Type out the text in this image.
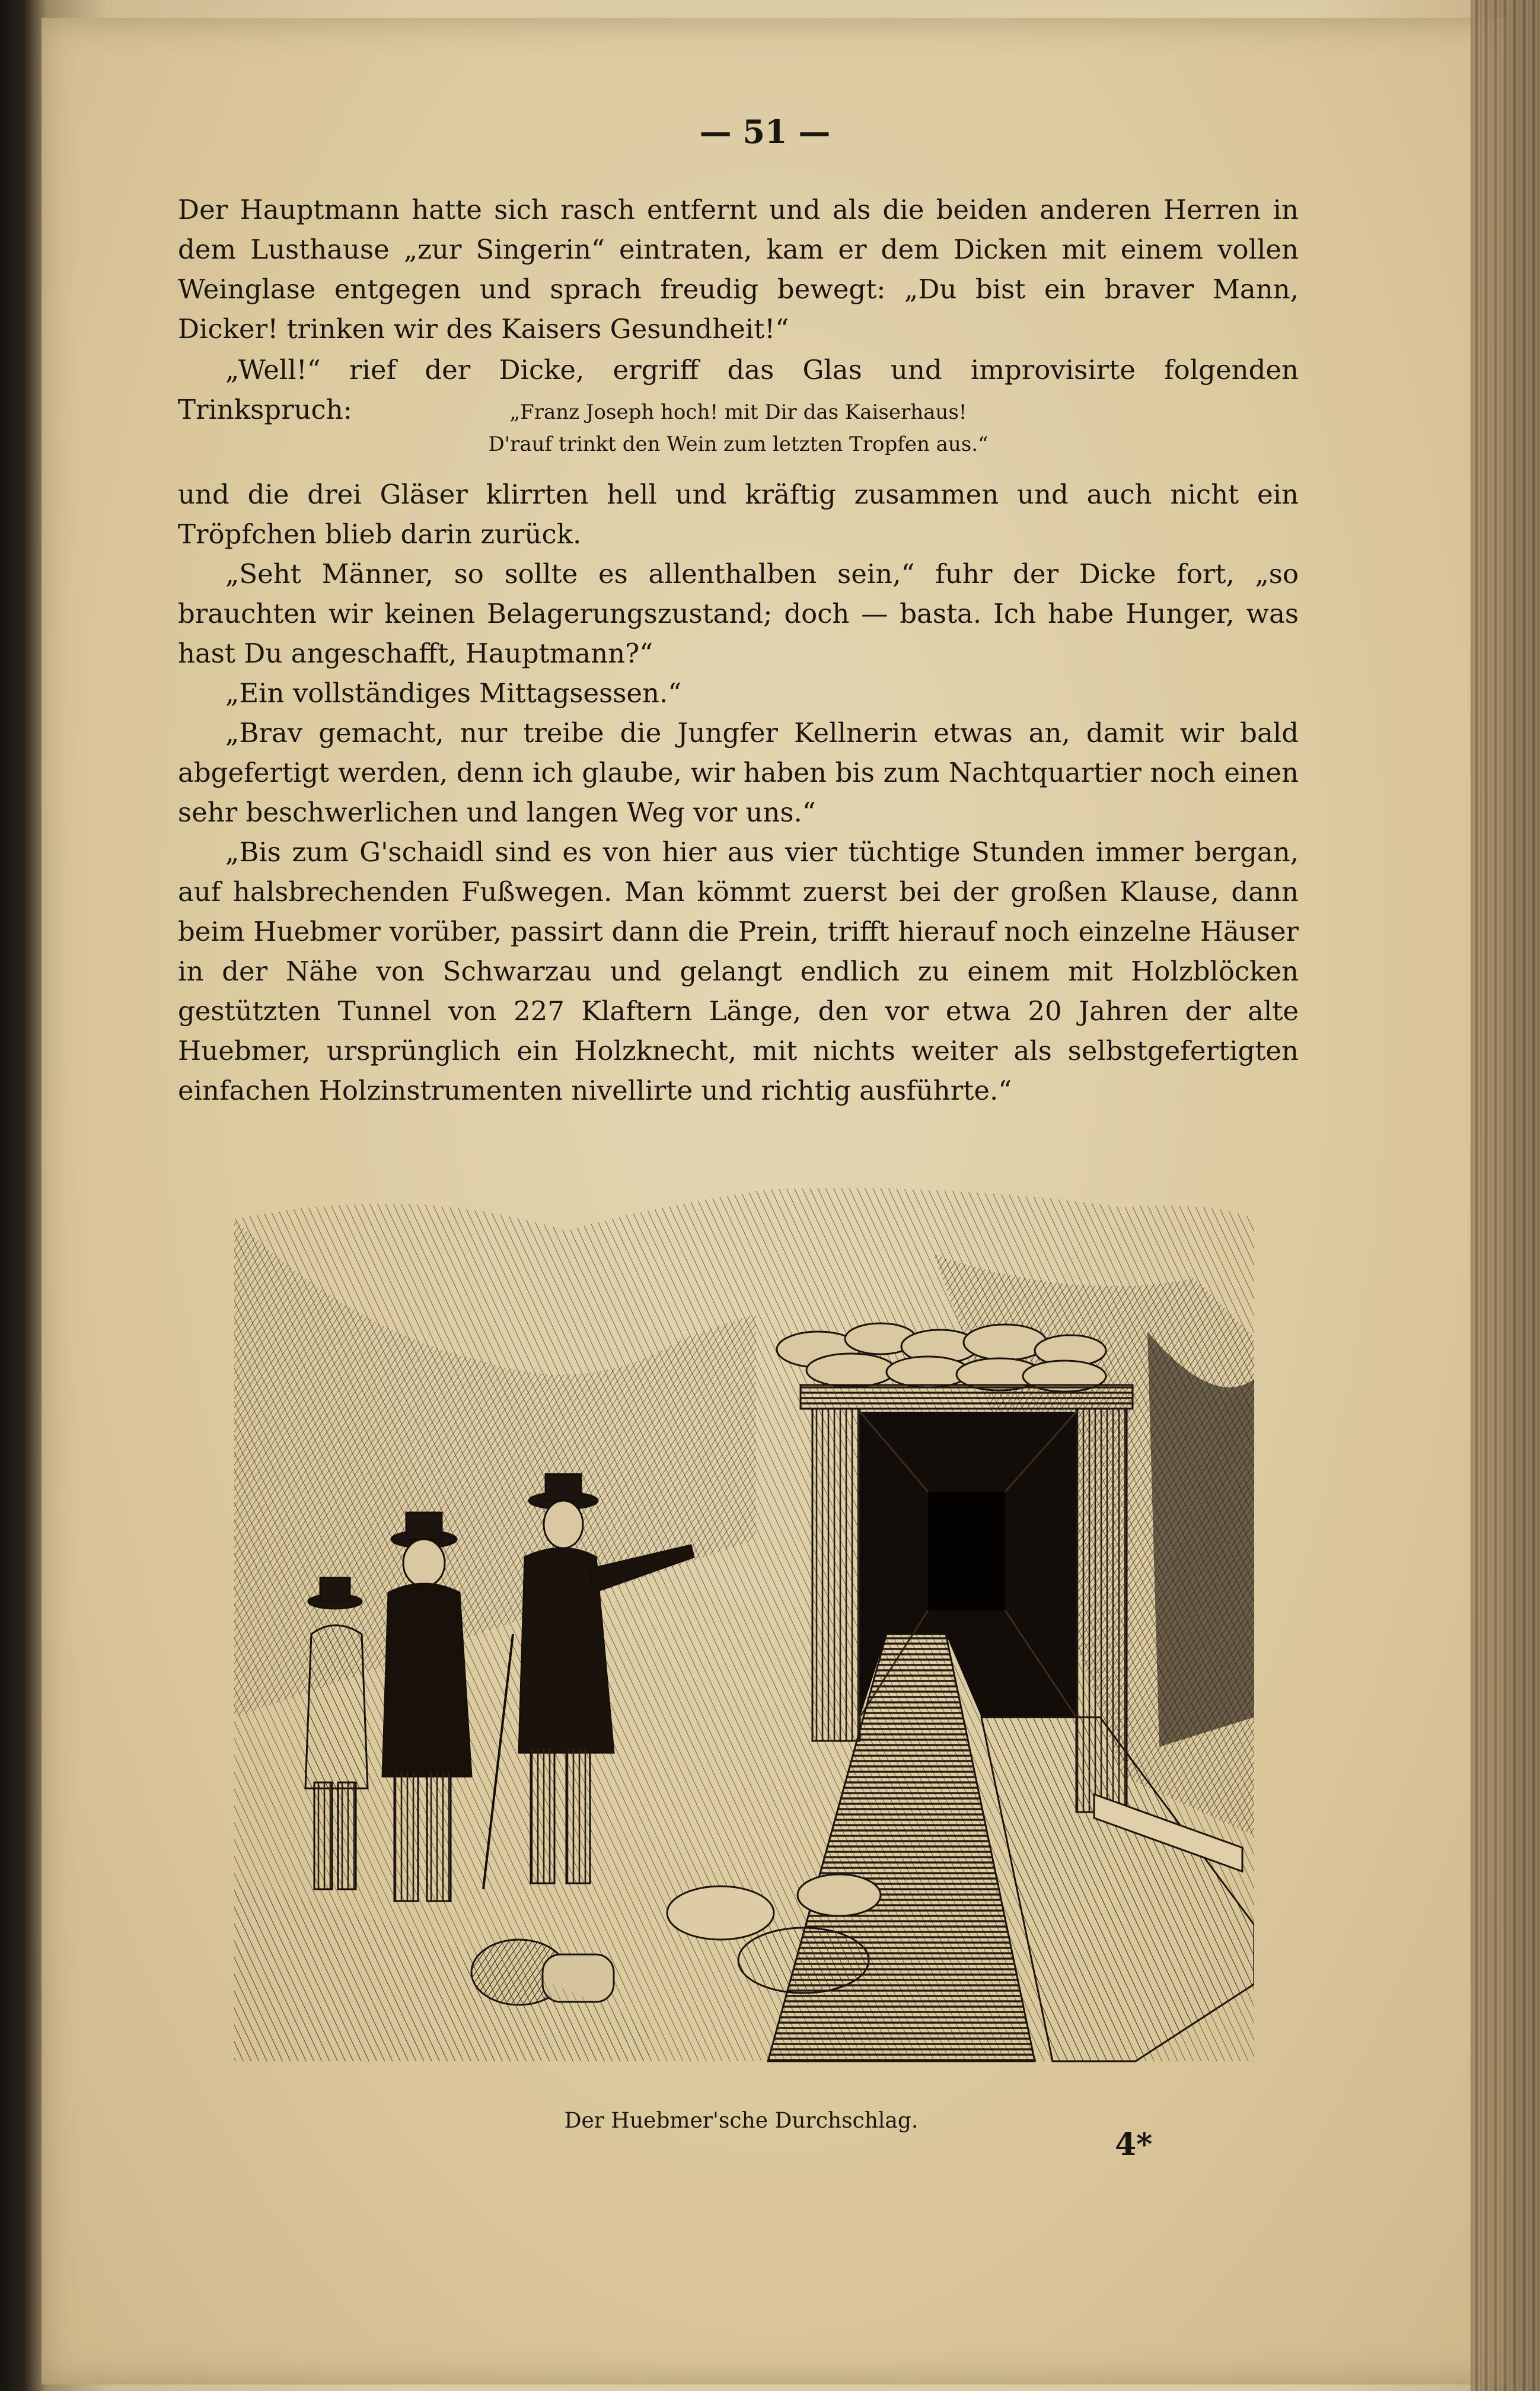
— 51 —

Der Hauptmann hatte sich rasch entfernt und als die beiden anderen Herren in dem Lusthause „zur Singerin“ eintraten, kam er dem Dicken mit einem vollen Weinglase entgegen und sprach freudig bewegt: „Du bist ein braver Mann, Dicker! trinken wir des Kaisers Gesundheit!“

„Well!“ rief der Dicke, ergriff das Glas und improvisirte folgenden Trinkspruch:	„Franz Joseph hoch! mit Dir das Kaiserhaus!
D'rauf trinkt den Wein zum letzten Tropfen aus.“

und die drei Gläser klirrten hell und kräftig zusammen und auch nicht ein Tröpfchen blieb darin zurück.

„Seht Männer, so sollte es allenthalben sein,“ fuhr der Dicke fort, „so brauchten wir keinen Belagerungszustand; doch — basta. Ich habe Hunger, was hast Du angeschafft, Hauptmann?“

„Ein vollständiges Mittagsessen.“

„Brav gemacht, nur treibe die Jungfer Kellnerin etwas an, damit wir bald abgefertigt werden, denn ich glaube, wir haben bis zum Nachtquartier noch einen sehr beschwerlichen und langen Weg vor uns.“

„Bis zum G'schaidl sind es von hier aus vier tüchtige Stunden immer bergan, auf halsbrechenden Fußwegen. Man kömmt zuerst bei der großen Klause, dann beim Huebmer vorüber, passirt dann die Prein, trifft hierauf noch einzelne Häuser in der Nähe von Schwarzau und gelangt endlich zu einem mit Holzblöcken gestützten Tunnel von 227 Klaftern Länge, den vor etwa 20 Jahren der alte Huebmer, ursprünglich ein Holzknecht, mit nichts weiter als selbstgefertigten einfachen Holzinstrumenten nivellirte und richtig ausführte.“

Der Huebmer'sche Durchschlag.
4*
